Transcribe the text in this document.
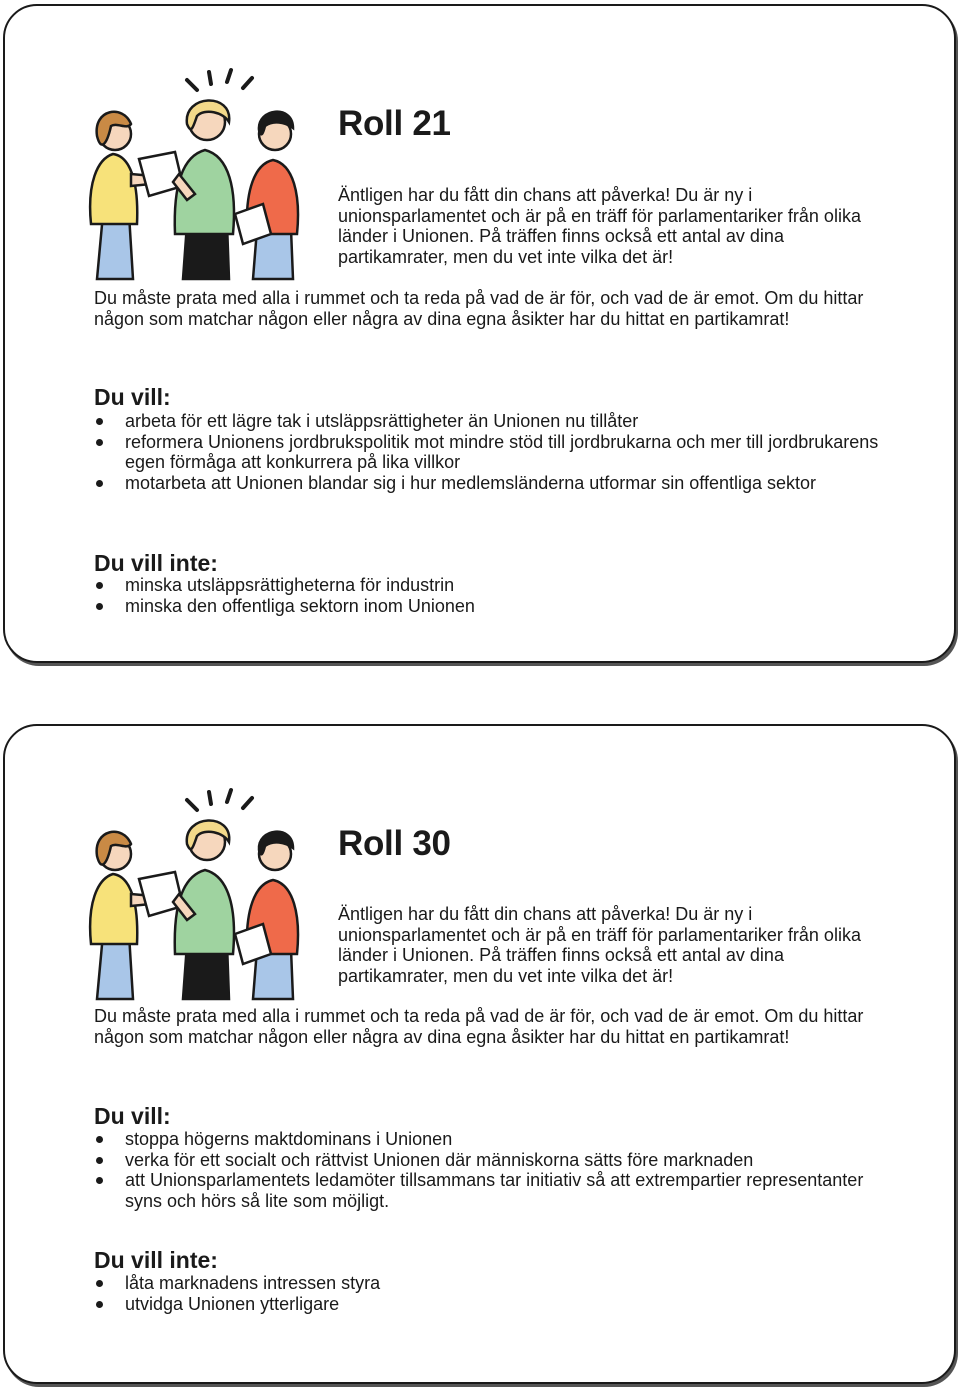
Roll 21

Äntligen har du fått din chans att påverka! Du är ny i unionsparlamentet och är på en träff för parlamentariker från olika länder i Unionen. På träffen finns också ett antal av dina partikamrater, men du vet inte vilka det är!

Du måste prata med alla i rummet och ta reda på vad de är för, och vad de är emot. Om du hittar någon som matchar någon eller några av dina egna åsikter har du hittat en partikamrat!

Du vill:
arbeta för ett lägre tak i utsläppsrättigheter än Unionen nu tillåter
reformera Unionens jordbrukspolitik mot mindre stöd till jordbrukarna och mer till jordbrukarens egen förmåga att konkurrera på lika villkor
motarbeta att Unionen blandar sig i hur medlemsländerna utformar sin offentliga sektor
Du vill inte:
minska utsläppsrättigheterna för industrin
minska den offentliga sektorn inom Unionen
Roll 30

Äntligen har du fått din chans att påverka! Du är ny i unionsparlamentet och är på en träff för parlamentariker från olika länder i Unionen. På träffen finns också ett antal av dina partikamrater, men du vet inte vilka det är!

Du måste prata med alla i rummet och ta reda på vad de är för, och vad de är emot. Om du hittar någon som matchar någon eller några av dina egna åsikter har du hittat en partikamrat!

Du vill:
stoppa högerns maktdominans i Unionen
verka för ett socialt och rättvist Unionen där människorna sätts före marknaden
att Unionsparlamentets ledamöter tillsammans tar initiativ så att extrempartier representanter syns och hörs så lite som möjligt.
Du vill inte:
låta marknadens intressen styra
utvidga Unionen ytterligare
